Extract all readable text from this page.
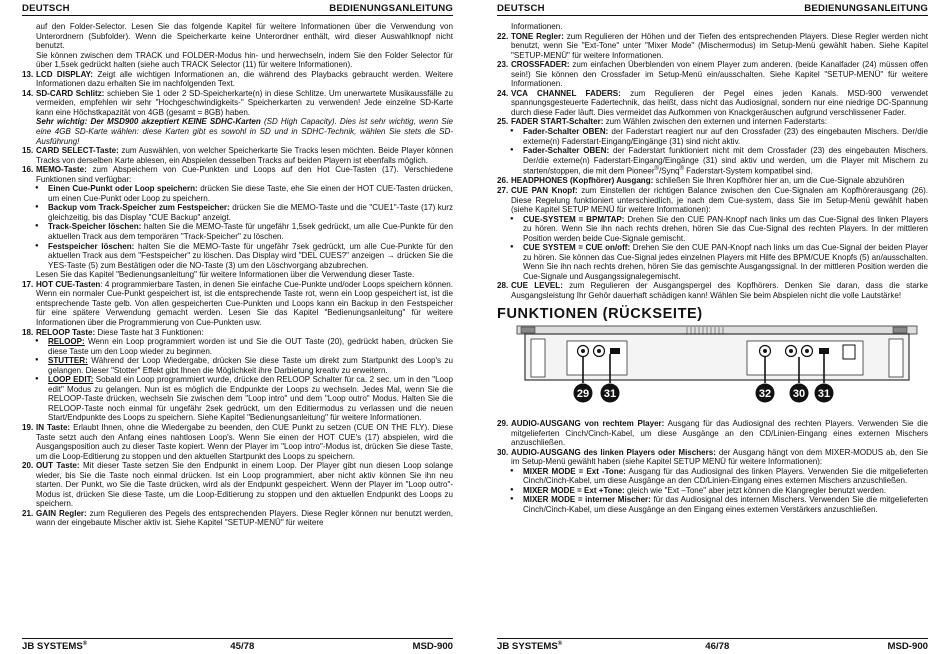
DEUTSCH	BEDIENUNGSANLEITUNG
auf den Folder-Selector. Lesen Sie das folgende Kapitel für weitere Informationen über die Verwendung von Unterordnern (Subfolder). Wenn die Speicherkarte keine Unterordner enthält, wird dieser Auswahlknopf nicht benutzt.
Sie können zwischen dem TRACK und FOLDER-Modus hin- und herwechseln, indem Sie den Folder Selector für über 1,5sek gedrückt halten (siehe auch TRACK Selector (11) für weitere Informationen).
13. LCD DISPLAY: Zeigt alle wichtigen Informationen an, die während des Playbacks gebraucht werden. Weitere Informationen dazu erhalten Sie im nachfolgenden Text.
14. SD-CARD Schlitz: schieben Sie 1 oder 2 SD-Speicherkarte(n) in diese Schlitze. Um unerwartete Musikaussfälle zu vermeiden, empfehlen wir sehr "Hochgeschwindigkeits-" Speicherkarten zu verwenden! Jede einzelne SD-Karte kann eine Höchstkapazität von 4GB (gesamt = 8GB) haben.
Sehr wichtig: Der MSD900 akzeptiert KEINE SDHC-Karten (SD High Capacity). Dies ist sehr wichtig, wenn Sie eine 4GB SD-Karte wählen: diese Karten gibt es sowohl in SD und in SDHC-Technik, wählen Sie stets die SD-Ausführung!
15. CARD SELECT-Taste: zum Auswählen, von welcher Speicherkarte Sie Tracks lesen möchten. Beide Player können Tracks von derselben Karte ablesen, ein Abspielen desselben Tracks auf beiden Playern ist ebenfalls möglich.
16. MEMO-Taste: zum Abspeichern von Cue-Punkten und Loops auf den Hot Cue-Tasten (17). Verschiedene Funktionen sind verfügbar:
● Einen Cue-Punkt oder Loop speichern: drücken Sie diese Taste, ehe Sie einen der HOT CUE-Tasten drücken, um einen Cue-Punkt oder Loop zu speichern.
● Backup vom Track-Speicher zum Festspeicher: drücken Sie die MEMO-Taste und die "CUE1"-Taste (17) kurz gleichzeitig, bis das Display "CUE Backup" anzeigt.
● Track-Speicher löschen: halten Sie die MEMO-Taste für ungefähr 1,5sek gedrückt, um alle Cue-Punkte für den aktuellen Track aus dem temporären "Track-Speicher" zu löschen.
● Festspeicher löschen: halten Sie die MEMO-Taste für ungefähr 7sek gedrückt, um alle Cue-Punkte für den aktuellen Track aus dem "Festspeicher" zu löschen. Das Display wird "DEL CUES?" anzeigen → drücken Sie die YES-Taste (5) zum Bestätigen oder die NO-Taste (3) um den Löschvorgang abzubrechen.
Lesen Sie das Kapitel "Bedienungsanleitung" für weitere Informationen über die Verwendung dieser Taste.
17. HOT CUE-Tasten: 4 programmierbare Tasten, in denen Sie einfache Cue-Punkte und/oder Loops speichern können. Wenn ein normaler Cue-Punkt gespeichert ist, ist die entsprechende Taste rot, wenn ein Loop gespeichert ist, ist die entsprechende Taste gelb. Von allen gespeicherten Cue-Punkten und Loops kann ein Backup in den Festspeicher für eine spätere Verwendung gemacht werden. Lesen Sie das Kapitel "Bedienungsanleitung" für weitere Informationen über die Programmierung von Cue-Punkten usw.
18. RELOOP Taste: Diese Taste hat 3 Funktionen:
● RELOOP: Wenn ein Loop programmiert worden ist und Sie die OUT Taste (20), gedrückt haben, drücken Sie diese Taste um den Loop wieder zu beginnen.
● STUTTER: Während der Loop Wiedergabe, drücken Sie diese Taste um direkt zum Startpunkt des Loop's zu gelangen. Dieser "Stotter" Effekt gibt Ihnen die Möglichkeit ihre Darbietung kreativ zu erweitern.
● LOOP EDIT: Sobald ein Loop programmiert wurde, drücke den RELOOP Schalter für ca. 2 sec. um in den "Loop edit" Modus zu gelangen. Nun ist es möglich die Endpunkte der Loops zu wechseln. Jedes Mal, wenn Sie die RELOOP-Taste drücken, wechseln Sie zwischen dem "Loop intro" und dem "Loop outro" Modus. Halten Sie die RELOOP-Taste noch einmal für ungefähr 2sek gedrückt, um den Editiermodus zu verlassen und die neuen Start/Endpunkte des Loops zu speichern. Siehe Kapitel "Bedienungsanleitung" für weitere Informationen.
19. IN Taste: Erlaubt Ihnen, ohne die Wiedergabe zu beenden, den CUE Punkt zu setzen (CUE ON THE FLY). Diese Taste setzt auch den Anfang eines nahtlosen Loop's. Wenn Sie einen der HOT CUE's (17) abspielen, wird die Ausgangsposition auch zu dieser Taste kopiert. Wenn der Player im "Loop intro"-Modus ist, drücken Sie diese Taste, um die Loop-Editierung zu stoppen und den aktuellen Startpunkt des Loops zu speichern.
20. OUT Taste: Mit dieser Taste setzen Sie den Endpunkt in einem Loop. Der Player gibt nun diesen Loop solange wieder, bis Sie die Taste noch einmal drücken. Ist ein Loop programmiert, aber nicht aktiv können Sie ihn neu starten. Der Punkt, wo Sie die Taste drücken, wird als der Endpunkt gespeichert. Wenn der Player im "Loop outro"-Modus ist, drücken Sie diese Taste, um die Loop-Editierung zu stoppen und den aktuellen Endpunkt des Loops zu speichern.
21. GAIN Regler: zum Regulieren des Pegels des entsprechenden Players. Diese Regler können nur benutzt werden, wann der eingebaute Mischer aktiv ist. Siehe Kapitel "SETUP-MENÜ" für weitere
JB SYSTEMS®	45/78	MSD-900
DEUTSCH	BEDIENUNGSANLEITUNG
Informationen.
22. TONE Regler: zum Regulieren der Höhen und der Tiefen des entsprechenden Players. Diese Regler werden nicht benutzt, wenn Sie "Ext-Tone" unter "Mixer Mode" (Mischermodus) im Setup-Menü gewählt haben. Siehe Kapitel "SETUP-MENÜ" für weitere Informationen.
23. CROSSFADER: zum einfachen Überblenden von einem Player zum anderen. (beide Kanalfader (24) müssen offen sein!) Sie können den Crossfader im Setup-Menü ein/ausschalten. Siehe Kapitel "SETUP-MENÜ" für weitere Informationen.
24. VCA CHANNEL FADERS: zum Regulieren der Pegel eines jeden Kanals. MSD-900 verwendet spannungsgesteuerte Fadertechnik, das heißt, dass nicht das Audiosignal, sondern nur eine niedrige DC-Spannung durch diese Fader läuft. Dies vermeidet das Aufkommen von Knackgeräuschen aufgrund verschlissener Fader.
25. FADER START-Schalter: zum Wählen zwischen den externen und internen Faderstarts:
● Fader-Schalter OBEN: der Faderstart reagiert nur auf den Crossfader (23) des eingebauten Mischers. Der/die externe(n) Faderstart-Eingang/Eingänge (31) sind nicht aktiv.
● Fader-Schalter OBEN: der Faderstart funktioniert nicht mit dem Crossfader (23) des eingebauten Mischers. Der/die externe(n) Faderstart-Eingang/Eingänge (31) sind aktiv und werden, um die Player mit Mischern zu starten/stoppen, die mit dem Pioneer®/Synq® Faderstart-System kompatibel sind.
26. HEADPHONES (Kopfhörer) Ausgang: schließen Sie Ihren Kopfhörer hier an, um die Cue-Signale abzuhören
27. CUE PAN Knopf: zum Einstellen der richtigen Balance zwischen den Cue-Signalen am Kopfhörerausgang (26). Diese Regelung funktioniert unterschiedlich, je nach dem Cue-system, dass Sie im Setup-Menü gewählt haben (siehe Kapitel SETUP MENÜ für weitere Informationen):
● CUE-SYSTEM = BPM/TAP: Drehen Sie den CUE PAN-Knopf nach links um das Cue-Signal des linken Players zu hören. Wenn Sie ihn nach rechts drehen, hören Sie das Cue-Signal des rechten Players. In der mittleren Position werden beide Cue-Signale gemischt.
● CUE SYSTEM = CUE on/off: Drehen Sie den CUE PAN-Knopf nach links um das Cue-Signal der beiden Player zu hören. Sie können das Cue-Signal jedes einzelnen Players mit Hilfe des BPM/CUE Knopfs (5) an/ausschalten. Wenn Sie ihn nach rechts drehen, hören Sie das gemischte Ausgangssignal. In der mittleren Position werden die Cue-Signale und Ausgangssignalegemischt.
28. CUE LEVEL: zum Regulieren der Ausgangspergel des Kopfhörers. Denken Sie daran, dass die starke Ausgangsleistung Ihr Gehör dauerhaft schädigen kann! Wählen Sie beim Abspielen nicht die volle Lautstärke!
FUNKTIONEN (RÜCKSEITE)
29 31	32 30 31
29. AUDIO-AUSGANG von rechtem Player: Ausgang für das Audiosignal des rechten Players. Verwenden Sie die mitgelieferten Cinch/Cinch-Kabel, um diese Ausgänge an den CD/Linien-Eingang eines externen Mischers anzuschließen.
30. AUDIO-AUSGANG des linken Players oder Mischers: der Ausgang hängt von dem MIXER-MODUS ab, den Sie im Setup-Menü gewählt haben (siehe Kapitel SETUP MENÜ für weitere Informationen):
● MIXER MODE = Ext -Tone: Ausgang für das Audiosignal des linken Players. Verwenden Sie die mitgelieferten Cinch/Cinch-Kabel, um diese Ausgänge an den CD/Linien-Eingang eines externen Mischers anzuschließen.
● MIXER MODE = Ext +Tone: gleich wie "Ext –Tone" aber jetzt können die Klangregler benutzt werden.
● MIXER MODE = interner Mischer: für das Audiosignal des internen Mischers. Verwenden Sie die mitgelieferten Cinch/Cinch-Kabel, um diese Ausgänge an den Eingang eines externen Verstärkers anzuschließen.
JB SYSTEMS®	46/78	MSD-900
